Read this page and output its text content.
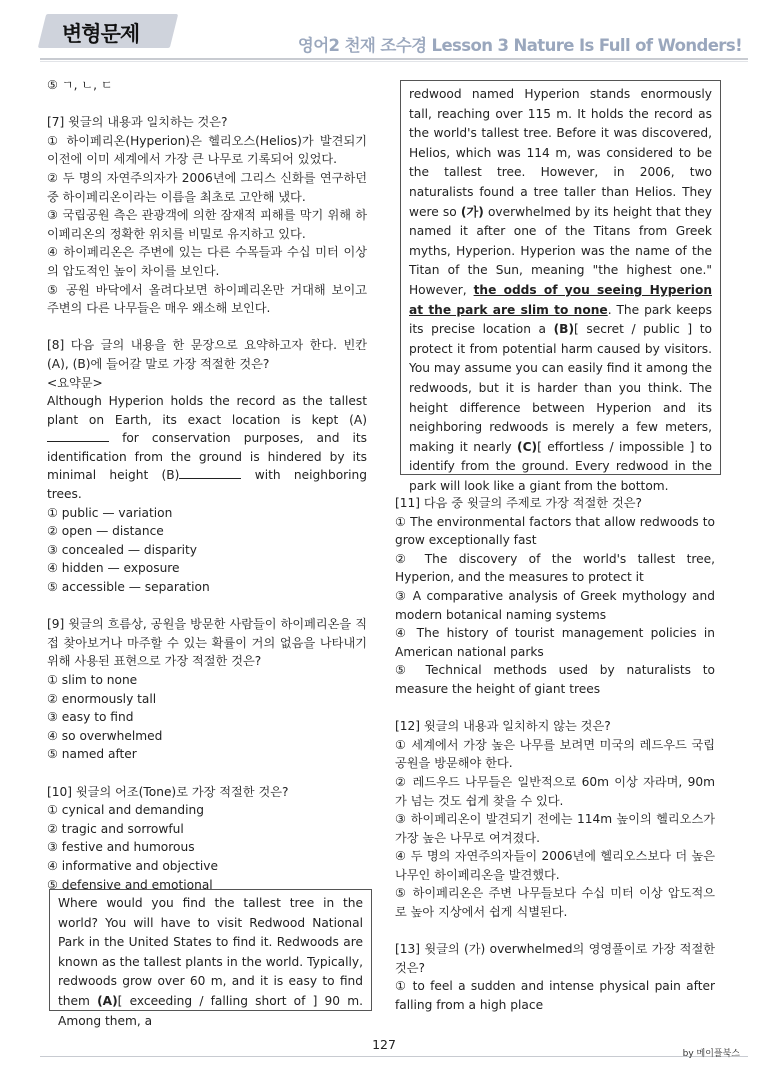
변형문제	영어2 천재 조수경 Lesson 3 Nature Is Full of Wonders!

⑤ ㄱ, ㄴ, ㄷ

[7] 윗글의 내용과 일치하는 것은?

① 하이페리온(Hyperion)은 헬리오스(Helios)가 발견되기 이전에 이미 세계에서 가장 큰 나무로 기록되어 있었다.

② 두 명의 자연주의자가 2006년에 그리스 신화를 연구하던 중 하이페리온이라는 이름을 최초로 고안해 냈다.

③ 국립공원 측은 관광객에 의한 잠재적 피해를 막기 위해 하이페리온의 정확한 위치를 비밀로 유지하고 있다.

④ 하이페리온은 주변에 있는 다른 수목들과 수십 미터 이상의 압도적인 높이 차이를 보인다.

⑤ 공원 바닥에서 올려다보면 하이페리온만 거대해 보이고 주변의 다른 나무들은 매우 왜소해 보인다.

[8] 다음 글의 내용을 한 문장으로 요약하고자 한다. 빈칸 (A), (B)에 들어갈 말로 가장 적절한 것은?

<요약문>

Although Hyperion holds the record as the tallest plant on Earth, its exact location is kept (A) for conservation purposes, and its identification from the ground is hindered by its minimal height (B)	with neighboring trees.

① public — variation

② open — distance

③ concealed — disparity

④ hidden — exposure

⑤ accessible — separation

[9] 윗글의 흐름상, 공원을 방문한 사람들이 하이페리온을 직접 찾아보거나 마주할 수 있는 확률이 거의 없음을 나타내기 위해 사용된 표현으로 가장 적절한 것은?

① slim to none

② enormously tall

③ easy to find

④ so overwhelmed

⑤ named after

[10] 윗글의 어조(Tone)로 가장 적절한 것은?

① cynical and demanding

② tragic and sorrowful

③ festive and humorous

④ informative and objective

⑤ defensive and emotional

Where would you find the tallest tree in the world? You will have to visit Redwood National Park in the United States to find it. Redwoods are known as the tallest plants in the world. Typically, redwoods grow over 60 m, and it is easy to find them (A)[ exceeding / falling short of ] 90 m. Among them, a
redwood named Hyperion stands enormously tall, reaching over 115 m. It holds the record as the world's tallest tree. Before it was discovered, Helios, which was 114 m, was considered to be the tallest tree. However, in 2006, two naturalists found a tree taller than Helios. They were so (가) overwhelmed by its height that they named it after one of the Titans from Greek myths, Hyperion. Hyperion was the name of the Titan of the Sun, meaning "the highest one." However, the odds of you seeing Hyperion at the park are slim to none. The park keeps its precise location a (B)[ secret / public ] to protect it from potential harm caused by visitors. You may assume you can easily find it among the redwoods, but it is harder than you think. The height difference between Hyperion and its neighboring redwoods is merely a few meters, making it nearly (C)[ effortless / impossible ] to identify from the ground. Every redwood in the park will look like a giant from the bottom.

[11] 다음 중 윗글의 주제로 가장 적절한 것은?

① The environmental factors that allow redwoods to grow exceptionally fast

② The discovery of the world's tallest tree, Hyperion, and the measures to protect it

③ A comparative analysis of Greek mythology and modern botanical naming systems

④ The history of tourist management policies in American national parks

⑤ Technical methods used by naturalists to measure the height of giant trees

[12] 윗글의 내용과 일치하지 않는 것은?

① 세계에서 가장 높은 나무를 보려면 미국의 레드우드 국립공원을 방문해야 한다.

② 레드우드 나무들은 일반적으로 60m 이상 자라며, 90m가 넘는 것도 쉽게 찾을 수 있다.

③ 하이페리온이 발견되기 전에는 114m 높이의 헬리오스가 가장 높은 나무로 여겨졌다.

④ 두 명의 자연주의자들이 2006년에 헬리오스보다 더 높은 나무인 하이페리온을 발견했다.

⑤ 하이페리온은 주변 나무들보다 수십 미터 이상 압도적으로 높아 지상에서 쉽게 식별된다.

[13] 윗글의 (가) overwhelmed의 영영풀이로 가장 적절한 것은?

① to feel a sudden and intense physical pain after falling from a high place

127
by 메이플북스
